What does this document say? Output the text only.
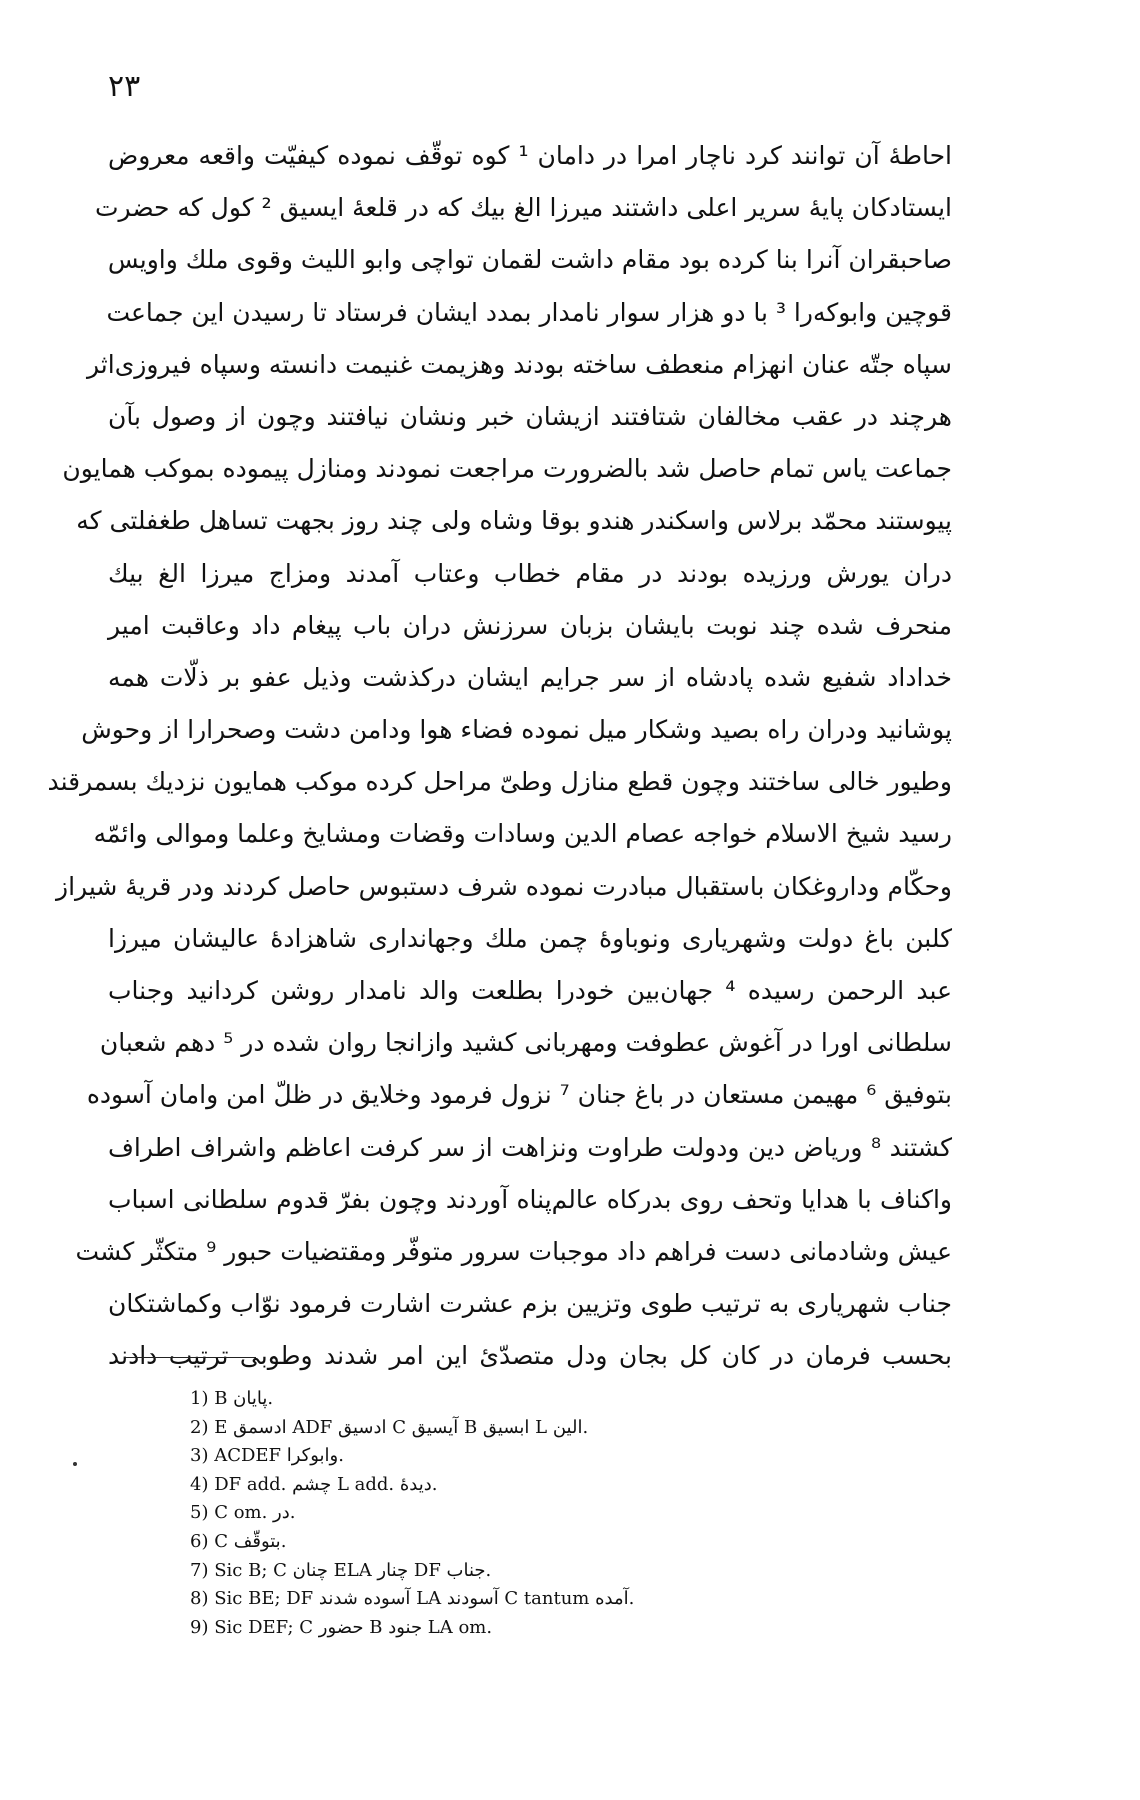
۲۳
احاطهٔ آن توانند کرد ناچار امرا در دامان ¹ کوه توقّف نموده کیفیّت واقعه معروض
ایستادکان پایهٔ سریر اعلی داشتند میرزا الغ بیك که در قلعهٔ ایسیق ² کول که حضرت
صاحبقران آنرا بنا کرده بود مقام داشت لقمان تواچی وابو اللیث وقوی ملك واویس
قوچین وابوکه‌را ³ با دو هزار سوار نامدار بمدد ایشان فرستاد تا رسیدن این جماعت
سپاه جتّه عنان انهزام منعطف ساخته بودند وهزیمت غنیمت دانسته وسپاه فیروزی‌اثر
هرچند در عقب مخالفان شتافتند ازیشان خبر ونشان نیافتند وچون از وصول بآن
جماعت یاس تمام حاصل شد بالضرورت مراجعت نمودند ومنازل پیموده بموکب همایون
پیوستند محمّد برلاس واسکندر هندو بوقا وشاه ولی چند روز بجهت تساهل طغفلتی که
دران یورش ورزیده بودند در مقام خطاب وعتاب آمدند ومزاج میرزا الغ بیك
منحرف شده چند نوبت بایشان بزبان سرزنش دران باب پیغام داد وعاقبت امیر
خداداد شفیع شده پادشاه از سر جرایم ایشان درکذشت وذیل عفو بر ذلّات همه
پوشانید ودران راه بصید وشکار میل نموده فضاء هوا ودامن دشت وصحرارا از وحوش
وطیور خالی ساختند وچون قطع منازل وطیّ مراحل کرده موکب همایون نزدیك بسمرقند
رسید شیخ الاسلام خواجه عصام الدین وسادات وقضات ومشایخ وعلما وموالی وائمّه
وحکّام وداروغکان باستقبال مبادرت نموده شرف دستبوس حاصل کردند ودر قریهٔ شیراز
کلبن باغ دولت وشهریاری ونوباوهٔ چمن ملك وجهانداری شاهزادهٔ عالیشان میرزا
عبد الرحمن رسیده ⁴ جهان‌بین خودرا بطلعت والد نامدار روشن کردانید وجناب
سلطانی اورا در آغوش عطوفت ومهربانی کشید وازانجا روان شده در ⁵ دهم شعبان
بتوفیق ⁶ مهیمن مستعان در باغ جنان ⁷ نزول فرمود وخلایق در ظلّ امن وامان آسوده
کشتند ⁸ ورياض دین ودولت طراوت ونزاهت از سر کرفت اعاظم واشراف اطراف
واکناف با هدایا وتحف روی بدرکاه عالم‌پناه آوردند وچون بفرّ قدوم سلطانی اسباب
عیش وشادمانی دست فراهم داد موجبات سرور متوفّر ومقتضیات حبور ⁹ متکثّر کشت
جناب شهریاری به ترتیب طوی وتزیین بزم عشرت اشارت فرمود نوّاب وکماشتکان
بحسب فرمان در کان کل بجان ودل متصدّیٔ این امر شدند وطوبی ترتیب دادند
1) B پایان.
2) E ادسمق ADF ادسیق C آیسیق B ابسیق L الین.
3) ACDEF وابوکرا.
4) DF add. چشم L add. دیدهٔ.
5) C om. در.
6) C بتوقّف.
7) Sic B; C چنان ELA چنار DF جناب.
8) Sic BE; DF آسوده شدند LA آسودند C tantum آمده.
9) Sic DEF; C حضور B جنود LA om.
